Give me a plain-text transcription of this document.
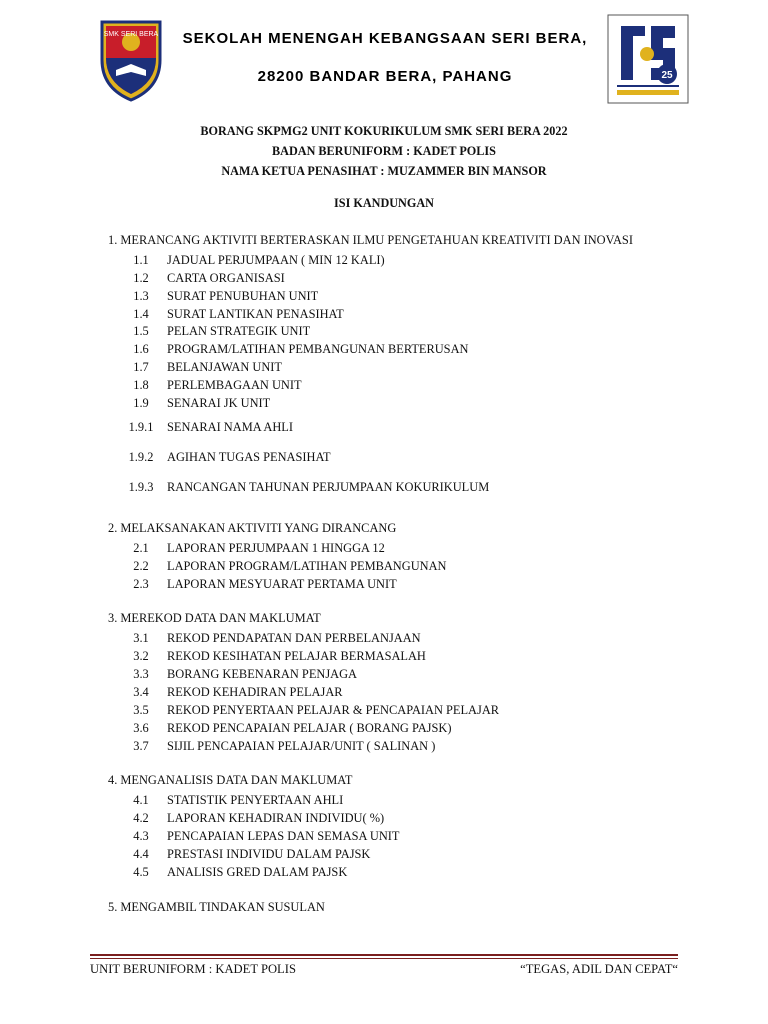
SMK SERI BERA	SEKOLAH MENENGAH KEBANGSAAN SERI BERA,
28200 BANDAR BERA, PAHANG	25
BORANG SKPMG2 UNIT KOKURIKULUM SMK SERI BERA 2022
BADAN BERUNIFORM : KADET POLIS
NAMA KETUA PENASIHAT : MUZAMMER BIN MANSOR
ISI KANDUNGAN
1. MERANCANG AKTIVITI BERTERASKAN ILMU PENGETAHUAN KREATIVITI DAN INOVASI
1.1 JADUAL PERJUMPAAN ( MIN 12 KALI)
1.2 CARTA ORGANISASI
1.3 SURAT PENUBUHAN UNIT
1.4 SURAT LANTIKAN PENASIHAT
1.5 PELAN STRATEGIK UNIT
1.6 PROGRAM/LATIHAN PEMBANGUNAN BERTERUSAN
1.7 BELANJAWAN UNIT
1.8 PERLEMBAGAAN UNIT
1.9 SENARAI JK UNIT
1.9.1 SENARAI NAMA AHLI
1.9.2 AGIHAN TUGAS PENASIHAT
1.9.3 RANCANGAN TAHUNAN PERJUMPAAN KOKURIKULUM
2. MELAKSANAKAN AKTIVITI YANG DIRANCANG
2.1 LAPORAN PERJUMPAAN 1 HINGGA 12
2.2 LAPORAN PROGRAM/LATIHAN PEMBANGUNAN
2.3 LAPORAN MESYUARAT PERTAMA UNIT
3. MEREKOD DATA DAN MAKLUMAT
3.1 REKOD PENDAPATAN DAN PERBELANJAAN
3.2 REKOD KESIHATAN PELAJAR BERMASALAH
3.3 BORANG KEBENARAN PENJAGA
3.4 REKOD KEHADIRAN PELAJAR
3.5 REKOD PENYERTAAN PELAJAR & PENCAPAIAN PELAJAR
3.6 REKOD PENCAPAIAN PELAJAR ( BORANG PAJSK)
3.7 SIJIL PENCAPAIAN PELAJAR/UNIT ( SALINAN )
4. MENGANALISIS DATA DAN MAKLUMAT
4.1 STATISTIK PENYERTAAN AHLI
4.2 LAPORAN KEHADIRAN INDIVIDU( %)
4.3 PENCAPAIAN LEPAS DAN SEMASA UNIT
4.4 PRESTASI INDIVIDU DALAM PAJSK
4.5 ANALISIS GRED DALAM PAJSK
5. MENGAMBIL TINDAKAN SUSULAN
UNIT BERUNIFORM : KADET POLIS	“TEGAS, ADIL DAN CEPAT“
